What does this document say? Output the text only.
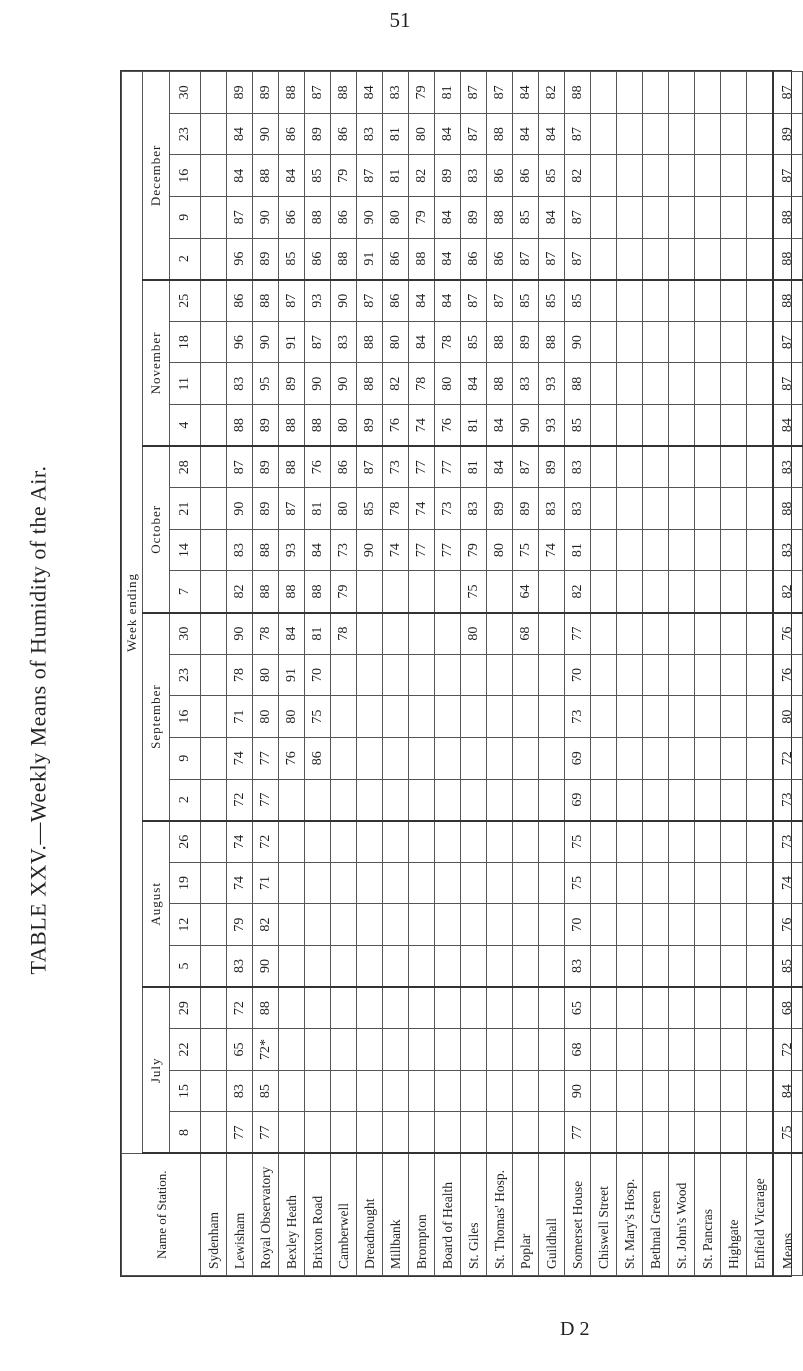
51
TABLE XXV.—Weekly Means of Humidity of the Air.
Name of Station.	Week ending																									
	July				August				September					October				November				December				
	8	15	22	29	5	12	19	26	2	9	16	23	30	7	14	21	28	4	11	18	25	2	9	16	23	30
Sydenham																										
Lewisham	77	83	65	72	83	79	74	74	72	74	71	78	90	82	83	90	87	88	83	96	86	96	87	84	84	89
Royal Observatory	77	85	72*	88	90	82	71	72	77	77	80	80	78	88	88	89	89	89	95	90	88	89	90	88	90	89
Bexley Heath										76	80	91	84	88	93	87	88	88	89	91	87	85	86	84	86	88
Brixton Road										86	75	70	81	88	84	81	76	88	90	87	93	86	88	85	89	87
Camberwell													78	79	73	80	86	80	90	83	90	88	86	79	86	88
Dreadnought															90	85	87	89	88	88	87	91	90	87	83	84
Millbank															74	78	73	76	82	80	86	86	80	81	81	83
Brompton															77	74	77	74	78	84	84	88	79	82	80	79
Board of Health															77	73	77	76	80	78	84	84	84	89	84	81
St. Giles													80	75	79	83	81	81	84	85	87	86	89	83	87	87
St. Thomas' Hosp.															80	89	84	84	88	88	87	86	88	86	88	87
Poplar													68	64	75	89	87	90	83	89	85	87	85	86	84	84
Guildhall															74	83	89	93	93	88	85	87	84	85	84	82
Somerset House	77	90	68	65	83	70	75	75	69	69	73	70	77	82	81	83	83	85	88	90	85	87	87	82	87	88
Chiswell Street																										
St. Mary's Hosp.																										
Bethnal Green																										
St. John's Wood																										
St. Pancras																										
Highgate																										
Enfield Vicarage																										
Means	75	84	72	68	85	76	74	73	73	72	80	76	76	82	83	88	83	84	87	87	88	88	88	87	89	87
D 2
